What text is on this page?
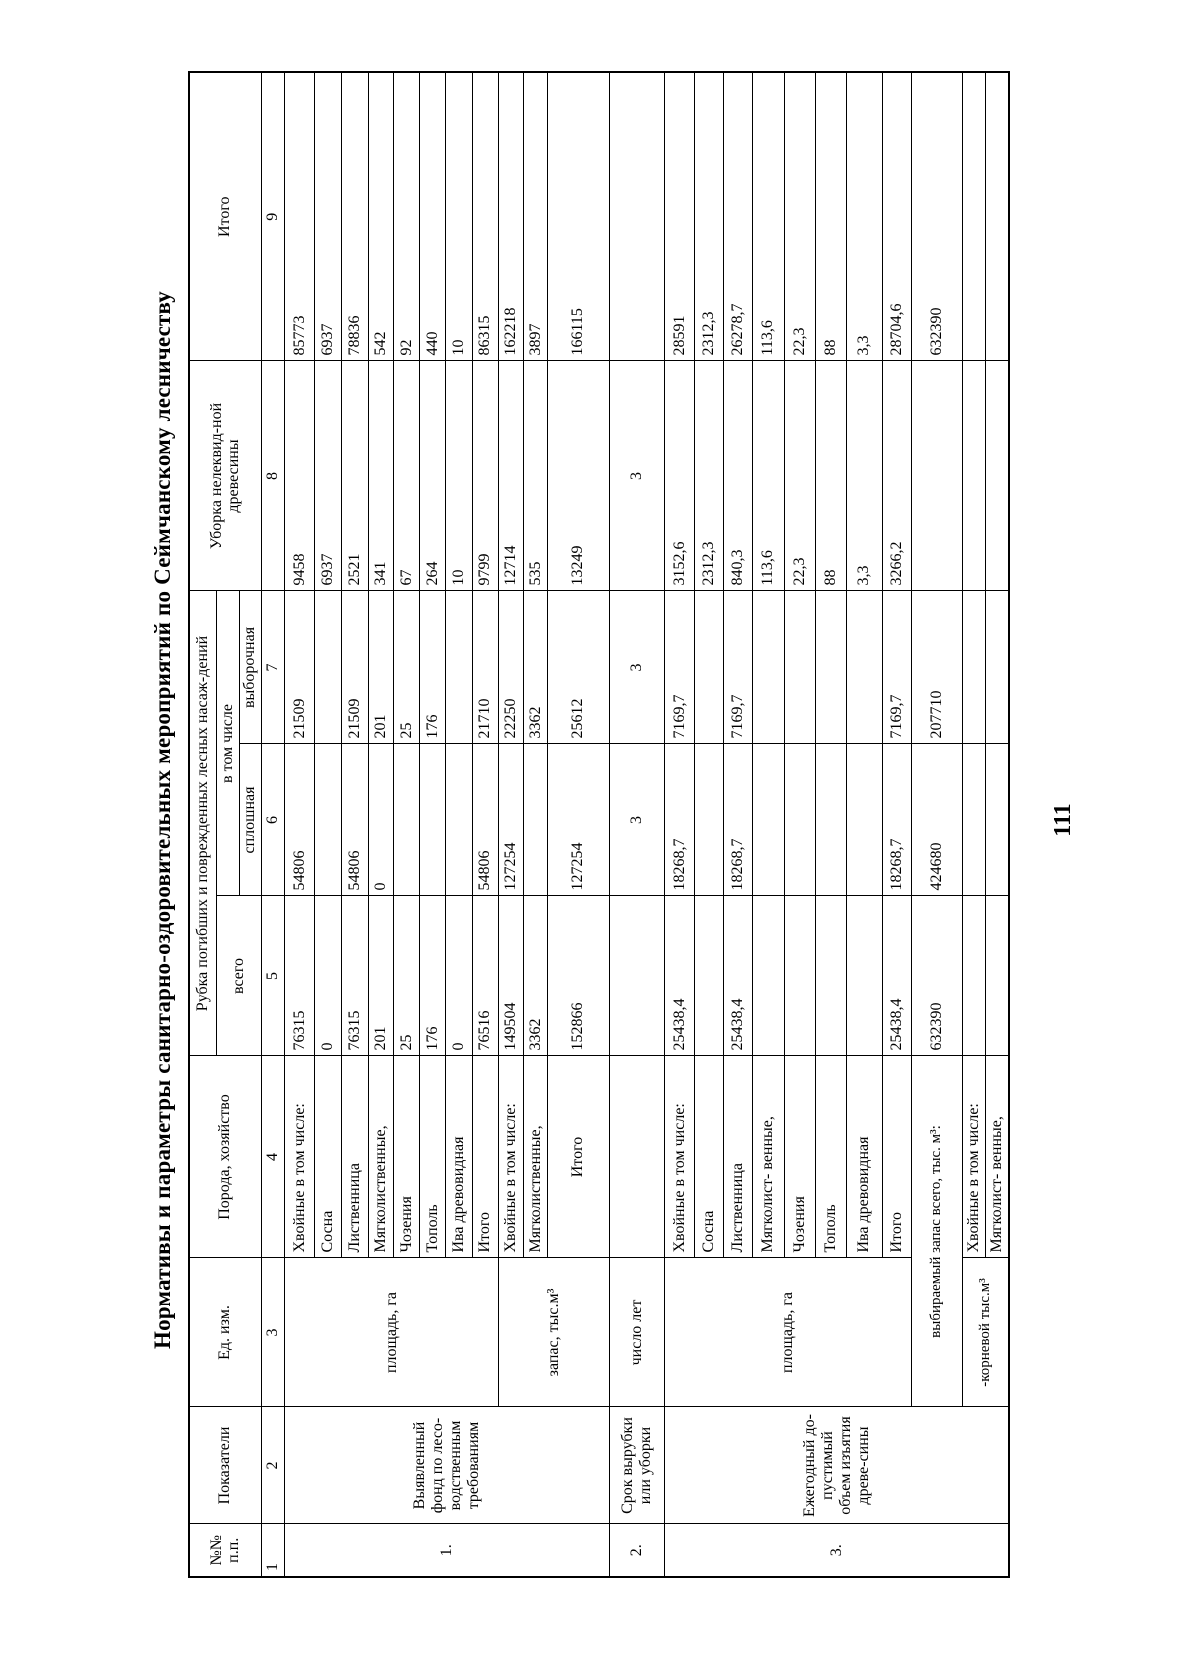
Нормативы и параметры санитарно-оздоровительных мероприятий по Сеймчанскому лесничеству
№№ п.п.	Показатели	Ед. изм.	Порода, хозяйство	Рубка погибших и поврежденных лесных насаж-дений			Уборка нелеквид-ной древесины	Итого
				всего	в том числе			
					сплошная	выборочная		
1	2	3	4	5	6	7	8	9
1.	Выявленный фонд по лесо-водственным требованиям	площадь, га	Хвойные в том числе:	76315	54806	21509	9458	85773
			Сосна	0			6937	6937
			Лиственница	76315	54806	21509	2521	78836
			Мягколиственные,	201	0	201	341	542
			Чозения	25		25	67	92
			Тополь	176		176	264	440
			Ива древовидная	0			10	10
			Итого	76516	54806	21710	9799	86315
		запас, тыс.м³	Хвойные в том числе:	149504	127254	22250	12714	162218
			Мягколиственные,	3362		3362	535	3897
			Итого	152866	127254	25612	13249	166115
2.	Срок вырубки или уборки	число лет			3	3	3	
3.	Ежегодный до-пустимый объем изъятия древе-сины	площадь, га	Хвойные в том числе:	25438,4	18268,7	7169,7	3152,6	28591
			Сосна				2312,3	2312,3
			Лиственница	25438,4	18268,7	7169,7	840,3	26278,7
			Мягколист- венные,				113,6	113,6
			Чозения				22,3	22,3
			Тополь				88	88
			Ива древовидная				3,3	3,3
			Итого	25438,4	18268,7	7169,7	3266,2	28704,6
		выбираемый запас всего, тыс. м³:		632390	424680	207710		632390
		-корневой тыс.м³	Хвойные в том числе:					

			Мягколист- венные,					
111
